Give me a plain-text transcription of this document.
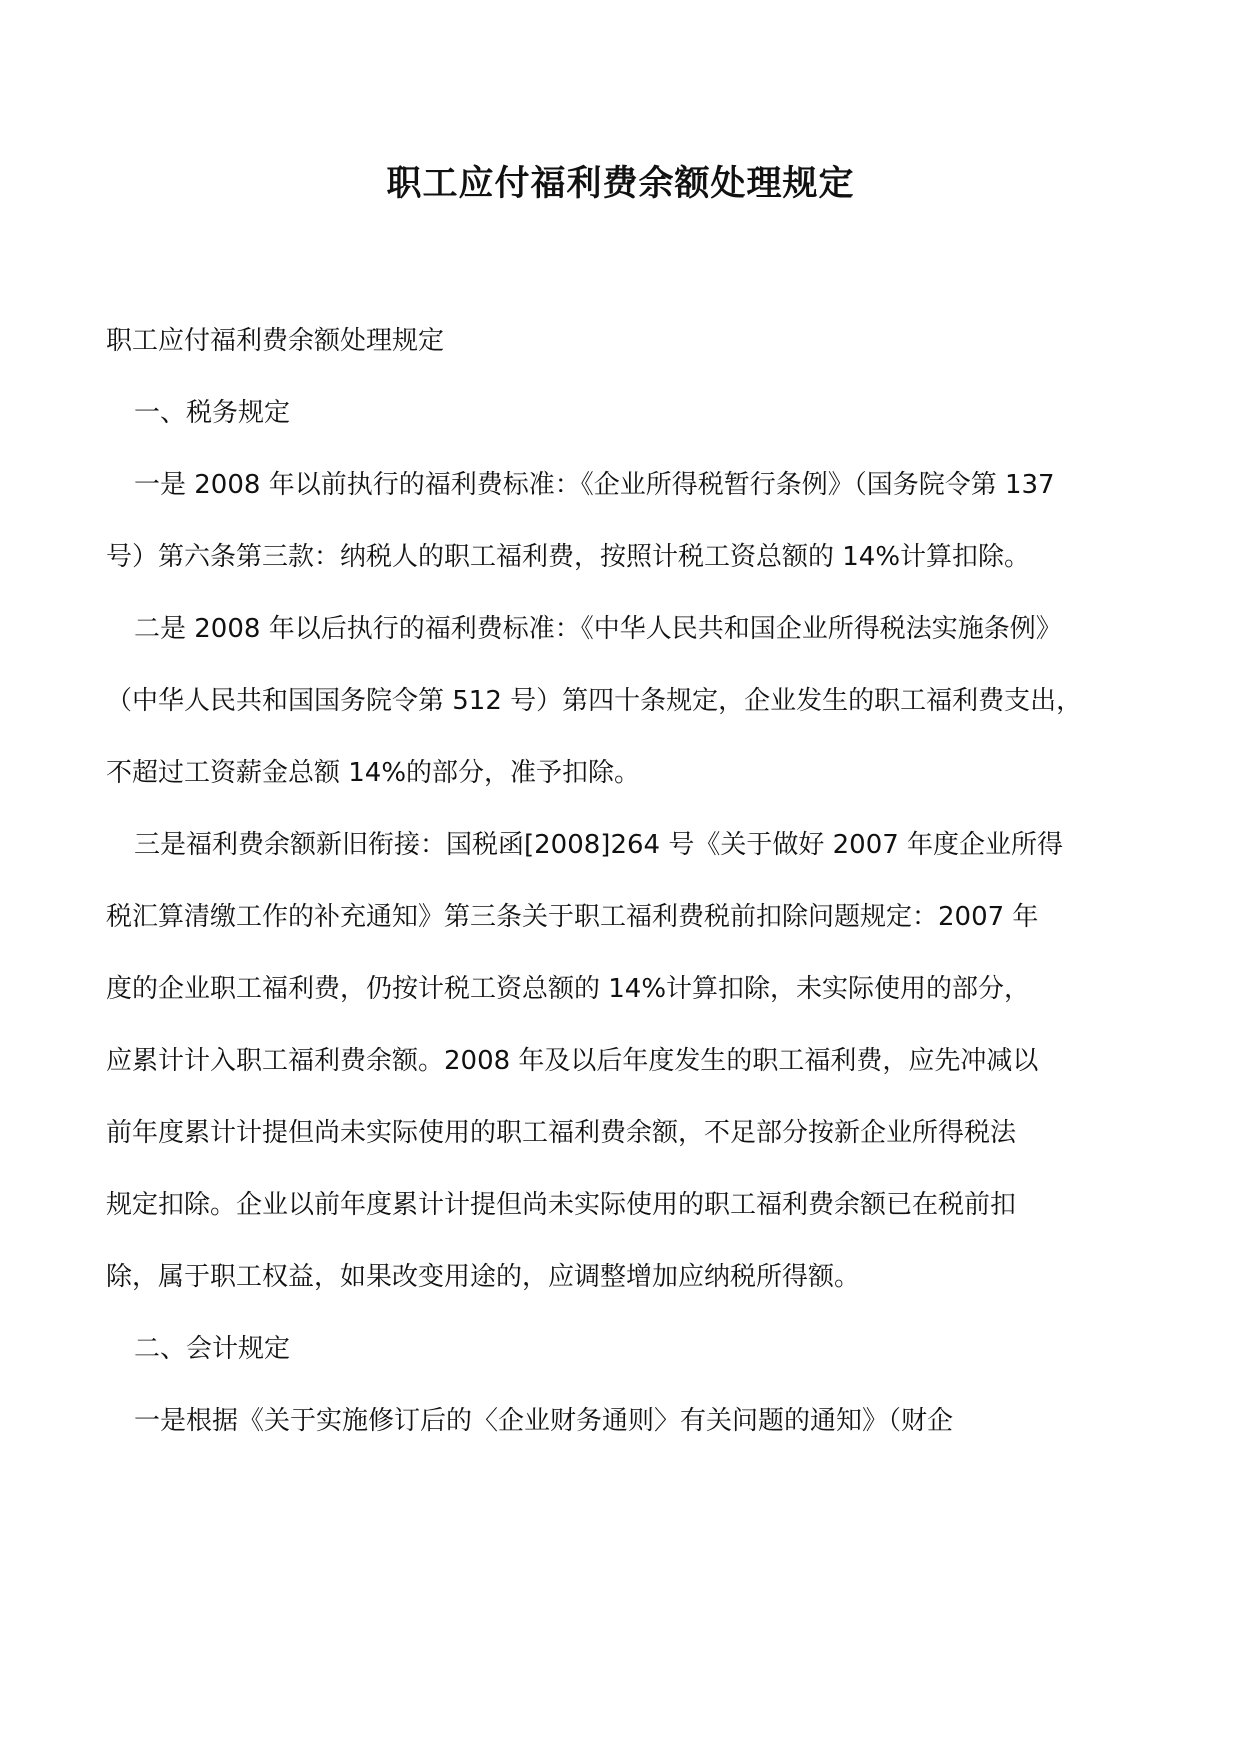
职工应付福利费余额处理规定
职工应付福利费余额处理规定
一、税务规定
一是 2008 年以前执行的福利费标准：《企业所得税暂行条例》（国务院令第 137
号）第六条第三款：纳税人的职工福利费，按照计税工资总额的 14%计算扣除。
二是 2008 年以后执行的福利费标准：《中华人民共和国企业所得税法实施条例》
（中华人民共和国国务院令第 512 号）第四十条规定，企业发生的职工福利费支出，
不超过工资薪金总额 14%的部分，准予扣除。
三是福利费余额新旧衔接：国税函[2008]264 号《关于做好 2007 年度企业所得
税汇算清缴工作的补充通知》第三条关于职工福利费税前扣除问题规定：2007 年
度的企业职工福利费，仍按计税工资总额的 14%计算扣除，未实际使用的部分，
应累计计入职工福利费余额。2008 年及以后年度发生的职工福利费，应先冲减以
前年度累计计提但尚未实际使用的职工福利费余额，不足部分按新企业所得税法
规定扣除。企业以前年度累计计提但尚未实际使用的职工福利费余额已在税前扣
除，属于职工权益，如果改变用途的，应调整增加应纳税所得额。
二、会计规定
一是根据《关于实施修订后的〈企业财务通则〉有关问题的通知》（财企
